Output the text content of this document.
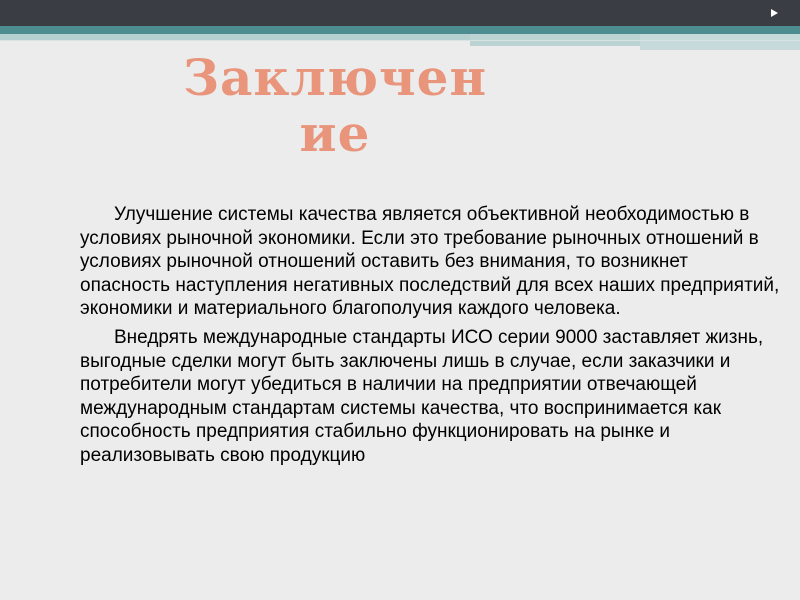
Заключен
ие

Улучшение системы качества является объективной необходимостью в условиях рыночной экономики. Если это требование рыночных отношений в условиях рыночной отношений оставить без внимания, то возникнет опасность наступления негативных последствий для всех наших предприятий, экономики и материального благополучия каждого человека.

Внедрять международные стандарты ИСО серии 9000 заставляет жизнь, выгодные сделки могут быть заключены лишь в случае, если заказчики и потребители могут убедиться в наличии на предприятии отвечающей международным стандартам системы качества, что воспринимается как способность предприятия стабильно функционировать на рынке и реализовывать свою продукцию
